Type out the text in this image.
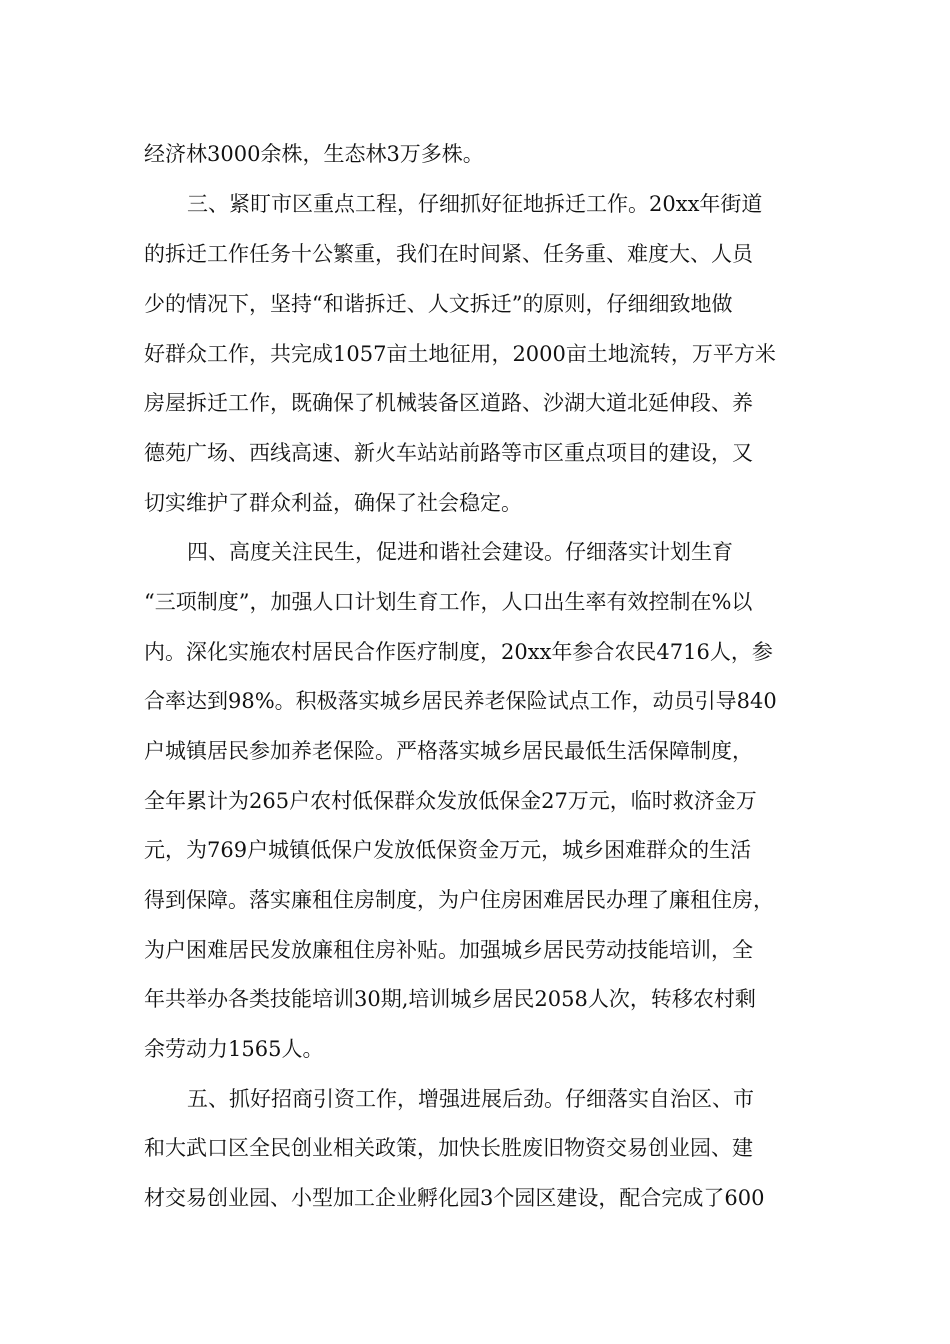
经济林3000余株，生态林3万多株。
三、紧盯市区重点工程，仔细抓好征地拆迁工作。20xx年街道
的拆迁工作任务十公繁重，我们在时间紧、任务重、难度大、人员
少的情况下，坚持“和谐拆迁、人文拆迁”的原则，仔细细致地做
好群众工作，共完成1057亩土地征用，2000亩土地流转，万平方米
房屋拆迁工作，既确保了机械装备区道路、沙湖大道北延伸段、养
德苑广场、西线高速、新火车站站前路等市区重点项目的建设，又
切实维护了群众利益，确保了社会稳定。
四、高度关注民生，促进和谐社会建设。仔细落实计划生育
“三项制度”，加强人口计划生育工作，人口出生率有效控制在%以
内。深化实施农村居民合作医疗制度，20xx年参合农民4716人，参
合率达到98%。积极落实城乡居民养老保险试点工作，动员引导840
户城镇居民参加养老保险。严格落实城乡居民最低生活保障制度，
全年累计为265户农村低保群众发放低保金27万元，临时救济金万
元，为769户城镇低保户发放低保资金万元，城乡困难群众的生活
得到保障。落实廉租住房制度，为户住房困难居民办理了廉租住房，
为户困难居民发放廉租住房补贴。加强城乡居民劳动技能培训，全
年共举办各类技能培训30期,培训城乡居民2058人次，转移农村剩
余劳动力1565人。
五、抓好招商引资工作，增强进展后劲。仔细落实自治区、市
和大武口区全民创业相关政策，加快长胜废旧物资交易创业园、建
材交易创业园、小型加工企业孵化园3个园区建设，配合完成了600
